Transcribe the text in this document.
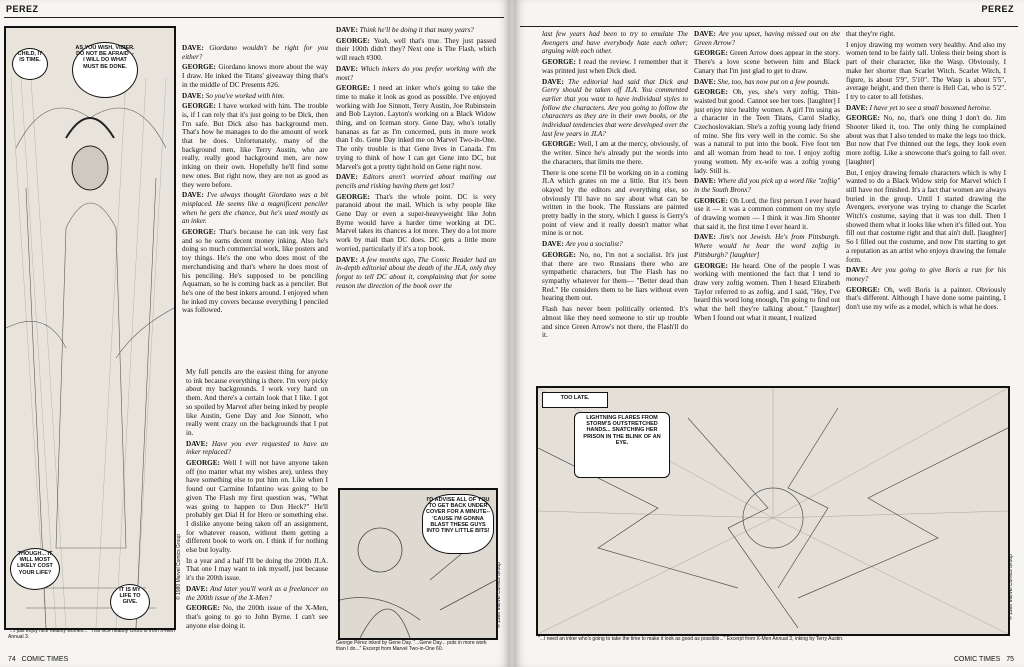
PEREZ
CHILD, IT IS TIME.
AS YOU WISH, VIZIER. DO NOT BE AFRAID -- I WILL DO WHAT MUST BE DONE.
THOUGH... IT WILL MOST LIKELY COST YOUR LIFE?
IT IS MY LIFE TO GIVE.
© 1980 Marvel Comics Group
"...I just enjoy nice healthy women..." This nice healthy Ororo is from X-Men Annual 3.

DAVE: Giordano wouldn't be right for you either?

GEORGE: Giordano knows more about the way I draw. He inked the Titans' giveaway thing that's in the middle of DC Presents #26.

DAVE: So you've worked with him.

GEORGE: I have worked with him. The trouble is, if I can rely that it's just going to be Dick, then I'm safe. But Dick also has background men. That's how he manages to do the amount of work that he does. Unfortunately, many of the background men, like Terry Austin, who are really, really good background men, are now inking on their own. Hopefully he'll find some new ones. But right now, they are not as good as they were before.

DAVE: I've always thought Giordano was a bit misplaced. He seems like a magnificent penciler when he gets the chance, but he's used mostly as an inker.

GEORGE: That's because he can ink very fast and so he earns decent money inking. Also he's doing so much commercial work, like posters and toy things. He's the one who does most of the merchandising and that's where he does most of his penciling. He's supposed to be penciling Aquaman, so he is coming back as a penciler. But he's one of the best inkers around. I enjoyed when he inked my covers because everything I penciled was followed.

My full pencils are the easiest thing for anyone to ink because everything is there. I'm very picky about my backgrounds. I work very hard on them. And there's a certain look that I like. I got so spoiled by Marvel after being inked by people like Austin, Gene Day and Joe Sinnott, who really went crazy on the backgrounds that I put in.

DAVE: Have you ever requested to have an inker replaced?

GEORGE: Well I will not have anyone taken off (no matter what my wishes are), unless they have something else to put him on. Like when I found out Carmine Infantino was going to be given The Flash my first question was, "What was going to happen to Don Heck?" He'll probably get Dial H for Hero or something else. I dislike anyone being taken off an assignment, for whatever reason, without them getting a different book to work on. I think if for nothing else but loyalty.

In a year and a half I'll be doing the 200th JLA. That one I may want to ink myself, just because it's the 200th issue.

DAVE: And later you'll work as a freelancer on the 200th issue of the X-Men?

GEORGE: No, the 200th issue of the X-Men, that's going to go to John Byrne. I can't see anyone else doing it.

DAVE: Think he'll be doing it that many years?

GEORGE: Yeah, well that's true. They just passed their 100th didn't they? Next one is The Flash, which will reach #300.

DAVE: Which inkers do you prefer working with the most?

GEORGE: I need an inker who's going to take the time to make it look as good as possible. I've enjoyed working with Joe Sinnott, Terry Austin, Joe Rubinstein and Bob Layton. Layton's working on a Black Widow thing, and on Iceman story. Gene Day, who's totally bananas as far as I'm concerned, puts in more work than I do. Gene Day inked me on Marvel Two-in-One. The only trouble is that Gene lives in Canada. I'm trying to think of how I can get Gene into DC, but Marvel's got a pretty tight hold on Gene right now.

DAVE: Editors aren't worried about mailing out pencils and risking having them get lost?

GEORGE: That's the whole point. DC is very paranoid about the mail. Which is why people like Gene Day or even a super-heavyweight like John Byrne would have a harder time working at DC. Marvel takes its chances a lot more. They do a lot more work by mail than DC does. DC gets a little more worried, particularly if it's a top book.

DAVE: A few months ago, The Comic Reader had an in-depth editorial about the death of the JLA, only they forgot to tell DC about it, complaining that for some reason the direction of the book over the

I'D ADVISE ALL OF YOU TO GET BACK UNDER COVER FOR A MINUTE-- 'CAUSE I'M GONNA BLAST THESE GUYS INTO TINY LITTLE BITS!
© 1980 Marvel Comics Group
George Pérez inked by Gene Day. "...Gene Day... puts in more work than I do..." Excerpt from Marvel Two-in-One 60.
74 COMIC TIMES
PEREZ

last few years had been to try to emulate The Avengers and have everybody hate each other; arguing with each other.

GEORGE: I read the review. I remember that it was printed just when Dick died.

DAVE: The editorial had said that Dick and Gerry should be taken off JLA. You commented earlier that you want to have individual styles to follow the characters. Are you going to follow the characters as they are in their own books, or the individual tendencies that were developed over the last few years in JLA?

GEORGE: Well, I am at the mercy, obviously, of the writer. Since he's already put the words into the characters, that limits me there.

There is one scene I'll be working on in a coming JLA which grates on me a little. But it's been okayed by the editors and everything else, so obviously I'll have no say about what can be written in the book. The Russians are painted pretty badly in the story, which I guess is Gerry's point of view and it really doesn't matter what mine is or not.

DAVE: Are you a socialist?

GEORGE: No, no, I'm not a socialist. It's just that there are two Russians there who are sympathetic characters, but The Flash has no sympathy whatever for them— "Better dead than Red." He considers them to be liars without even hearing them out.

Flash has never been politically oriented. It's almost like they need someone to stir up trouble and since Green Arrow's not there, the Flash'll do it.

DAVE: Are you upset, having missed out on the Green Arrow?

GEORGE: Green Arrow does appear in the story. There's a love scene between him and Black Canary that I'm just glad to get to draw.

DAVE: She, too, has now put on a few pounds.

GEORGE: Oh, yes, she's very zoftig. Thin-waisted but good. Cannot see her toes. [laughter] I just enjoy nice healthy women. A girl I'm using as a character in the Teen Titans, Carol Sladky, Czechoslovakian. She's a zoftig young lady friend of mine. She fits very well in the comic. So she was a natural to put into the book. Five foot ten and all woman from head to toe. I enjoy zoftig young women. My ex-wife was a zoftig young lady. Still is.

DAVE: Where did you pick up a word like "zoftig" in the South Bronx?

GEORGE: Oh Lord, the first person I ever heard use it — it was a common comment on my style of drawing women — I think it was Jim Shooter that said it, the first time I ever heard it.

DAVE: Jim's not Jewish. He's from Pittsburgh. Where would he hear the word zoftig in Pittsburgh? [laughter]

GEORGE: He heard. One of the people I was working with mentioned the fact that I tend to draw very zoftig women. Then I heard Elizabeth Taylor referred to as zoftig, and I said, "Hey, I've heard this word long enough, I'm going to find out what the hell they're talking about." [laughter] When I found out what it meant, I realized

that they're right.

I enjoy drawing my women very healthy. And also my women tend to be fairly tall. Unless their being short is part of their character, like the Wasp. Obviously, I make her shorter than Scarlet Witch. Scarlet Witch, I figure, is about 5'9", 5'10". The Wasp is about 5'5", average height, and then there is Hell Cat, who is 5'2". I try to cater to all fetishes.

DAVE: I have yet to see a small bosomed heroine.

GEORGE: No, no, that's one thing I don't do. Jim Shooter liked it, too. The only thing he complained about was that I also tended to make the legs too thick. But now that I've thinned out the legs, they look even more zoftig. Like a snowcone that's going to fall over. [laughter]

But, I enjoy drawing female characters which is why I wanted to do a Black Widow strip for Marvel which I still have not finished. It's a fact that women are always buried in the group. Until I started drawing the Avengers, everyone was trying to change the Scarlet Witch's costume, saying that it was too dull. Then I showed them what it looks like when it's filled out. You fill out that costume right and that ain't dull. [laughter] So I filled out the costume, and now I'm starting to get a reputation as an artist who enjoys drawing the female form.

DAVE: Are you going to give Boris a run for his money?

GEORGE: Oh, well Boris is a painter. Obviously that's different. Although I have done some painting, I don't use my wife as a model, which is what he does.

TOO LATE.
LIGHTNING FLARES FROM STORM'S OUTSTRETCHED HANDS... SNATCHING HER PRISON IN THE BLINK OF AN EYE.
© 1980 Marvel Comics Group
"...I need an inker who's going to take the time to make it look as good as possible..." Excerpt from X-Men Annual 3, inking by Terry Austin.
COMIC TIMES 75
